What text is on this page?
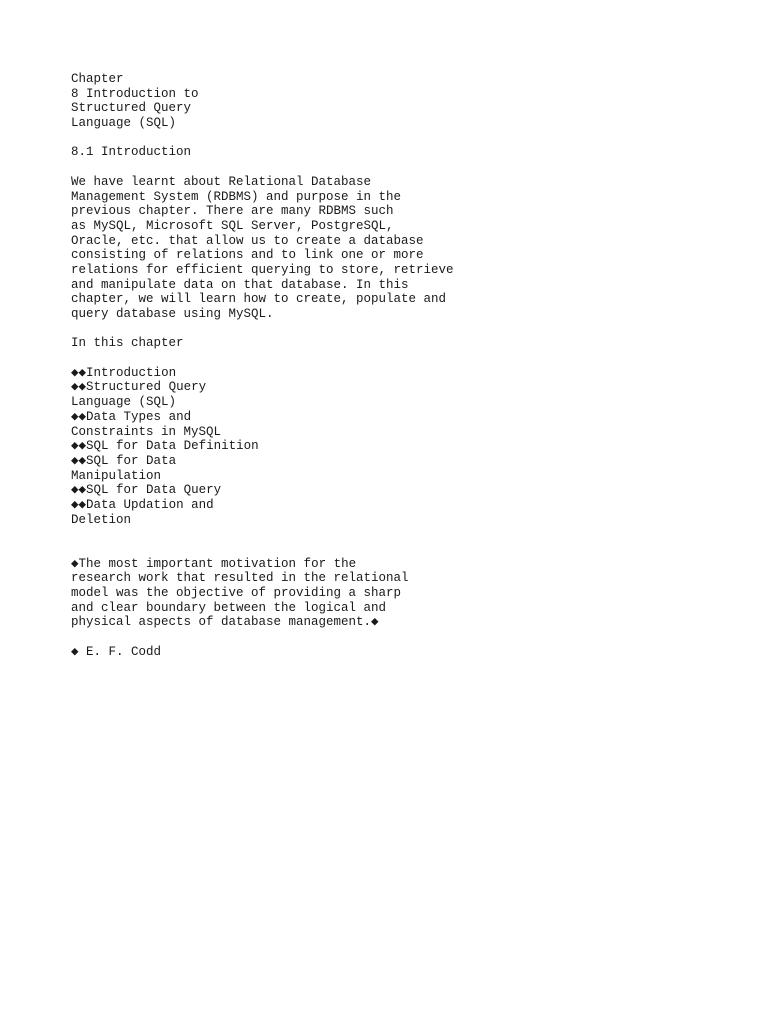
Chapter
8 Introduction to
Structured Query
Language (SQL)
8.1 Introduction
We have learnt about Relational Database
Management System (RDBMS) and purpose in the
previous chapter. There are many RDBMS such
as MySQL, Microsoft SQL Server, PostgreSQL,
Oracle, etc. that allow us to create a database
consisting of relations and to link one or more
relations for efficient querying to store, retrieve
and manipulate data on that database. In this
chapter, we will learn how to create, populate and
query database using MySQL.
In this chapter
◆◆Introduction
◆◆Structured Query
Language (SQL)
◆◆Data Types and
Constraints in MySQL
◆◆SQL for Data Definition
◆◆SQL for Data
Manipulation
◆◆SQL for Data Query
◆◆Data Updation and
Deletion
◆The most important motivation for the
research work that resulted in the relational
model was the objective of providing a sharp
and clear boundary between the logical and
physical aspects of database management.◆
◆ E. F. Codd
